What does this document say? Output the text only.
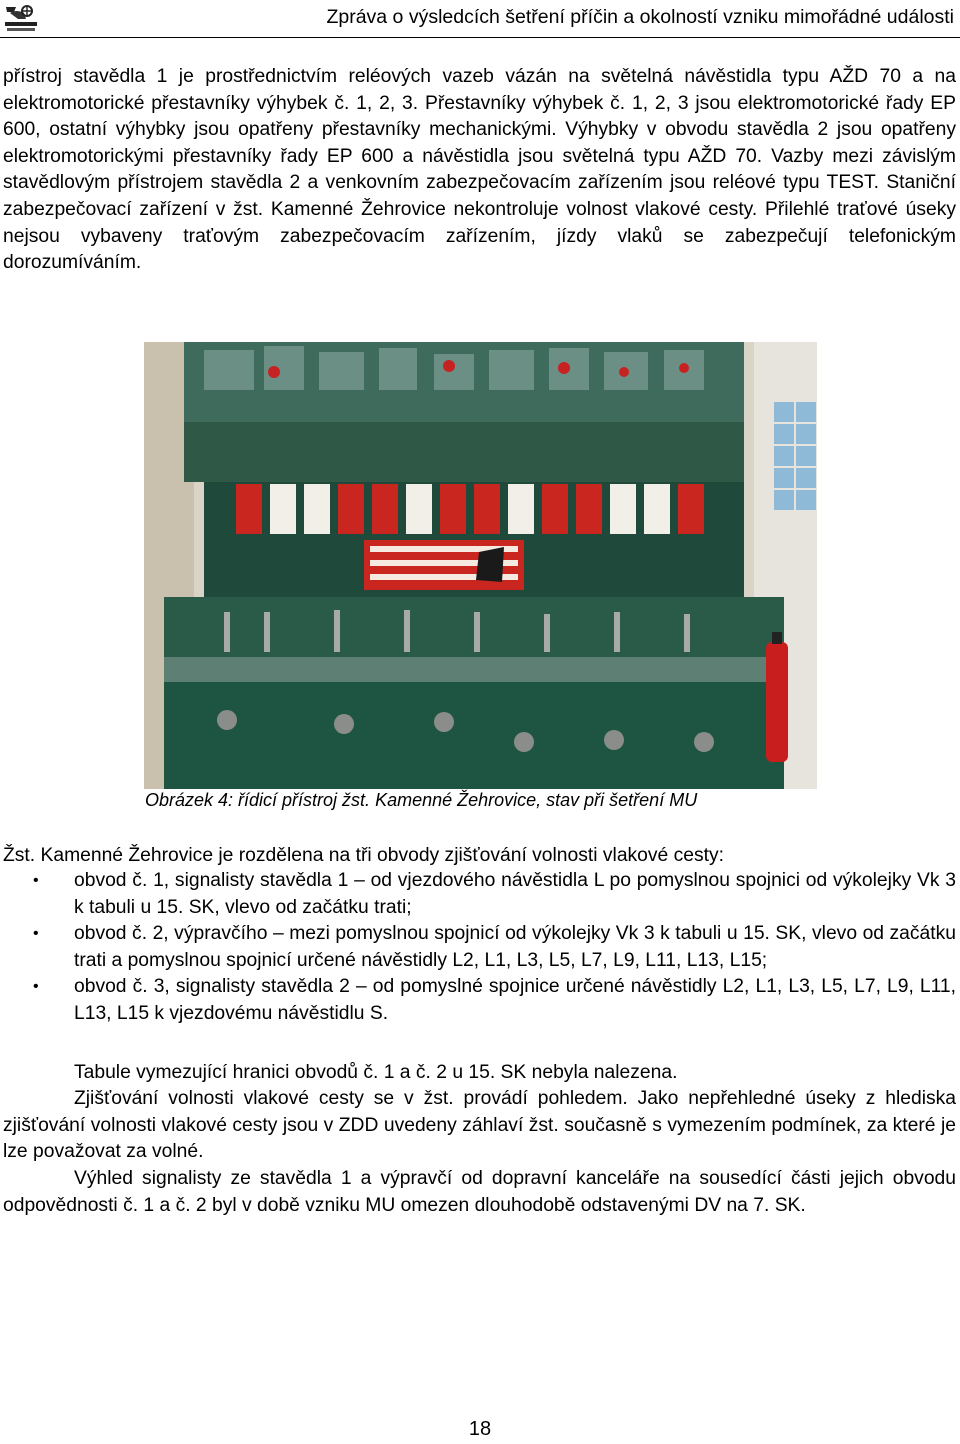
Zpráva o výsledcích šetření příčin a okolností vzniku mimořádné události

přístroj stavědla 1 je prostřednictvím reléových vazeb vázán na světelná návěstidla typu AŽD 70 a na elektromotorické přestavníky výhybek č. 1, 2, 3. Přestavníky výhybek č. 1, 2, 3 jsou elektromotorické řady EP 600, ostatní výhybky jsou opatřeny přestavníky mechanickými. Výhybky v obvodu stavědla 2 jsou opatřeny elektromotorickými přestavníky řady EP 600 a návěstidla jsou světelná typu AŽD 70. Vazby mezi závislým stavědlovým přístrojem stavědla 2 a venkovním zabezpečovacím zařízením jsou reléové typu TEST. Staniční zabezpečovací zařízení v žst. Kamenné Žehrovice nekontroluje volnost vlakové cesty. Přilehlé traťové úseky nejsou vybaveny traťovým zabezpečovacím zařízením, jízdy vlaků se zabezpečují telefonickým dorozumíváním.

Obrázek 4: řídicí přístroj žst. Kamenné Žehrovice, stav při šetření MU
Žst. Kamenné Žehrovice je rozdělena na tři obvody zjišťování volnosti vlakové cesty:
• obvod č. 1, signalisty stavědla 1 – od vjezdového návěstidla L po pomyslnou spojnici od výkolejky Vk 3 k tabuli u 15. SK, vlevo od začátku trati;
• obvod č. 2, výpravčího – mezi pomyslnou spojnicí od výkolejky Vk 3 k tabuli u 15. SK, vlevo od začátku trati a pomyslnou spojnicí určené návěstidly L2, L1, L3, L5, L7, L9, L11, L13, L15;
• obvod č. 3, signalisty stavědla 2 – od pomyslné spojnice určené návěstidly L2, L1, L3, L5, L7, L9, L11, L13, L15 k vjezdovému návěstidlu S.
Tabule vymezující hranici obvodů č. 1 a č. 2 u 15. SK nebyla nalezena.

Zjišťování volnosti vlakové cesty se v žst. provádí pohledem. Jako nepřehledné úseky z hlediska zjišťování volnosti vlakové cesty jsou v ZDD uvedeny záhlaví žst. současně s vymezením podmínek, za které je lze považovat za volné.

Výhled signalisty ze stavědla 1 a výpravčí od dopravní kanceláře na sousedící části jejich obvodu odpovědnosti č. 1 a č. 2 byl v době vzniku MU omezen dlouhodobě odstavenými DV na 7. SK.

18
